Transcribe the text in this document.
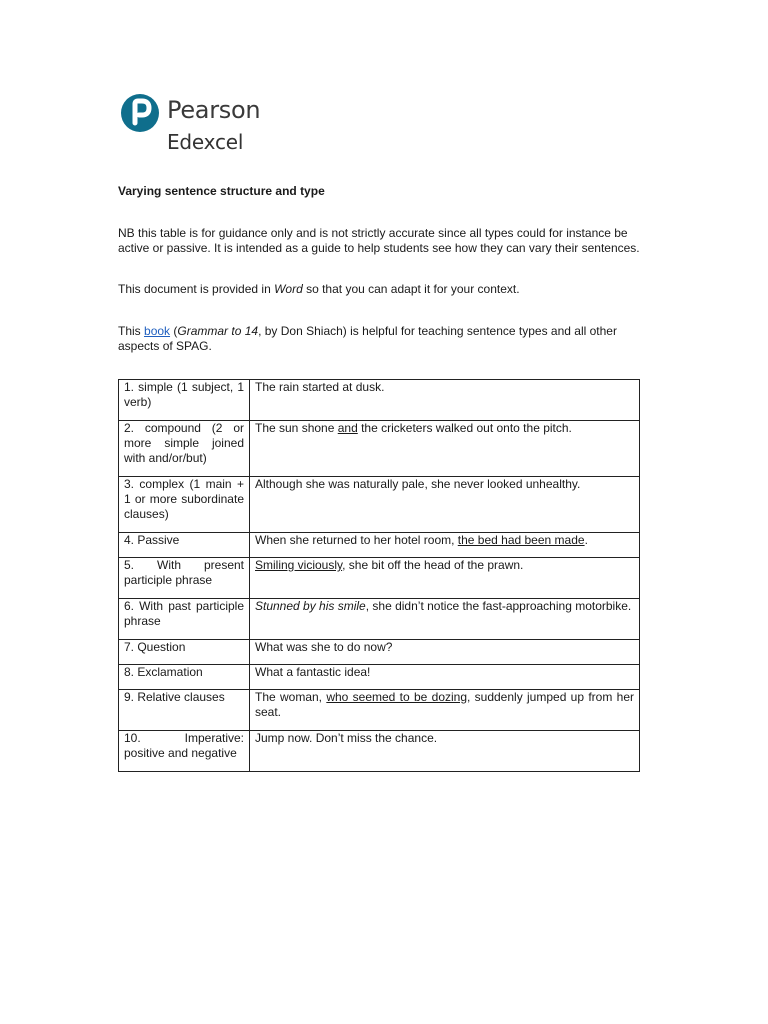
Pearson
Edexcel
Varying sentence structure and type
NB this table is for guidance only and is not strictly accurate since all types could for instance be active or passive. It is intended as a guide to help students see how they can vary their sentences.
This document is provided in Word so that you can adapt it for your context.
This book (Grammar to 14, by Don Shiach) is helpful for teaching sentence types and all other aspects of SPAG.
1. simple (1 subject, 1 verb)	The rain started at dusk.
2. compound (2 or more simple joined with and/or/but)	The sun shone and the cricketers walked out onto the pitch.
3. complex (1 main + 1 or more subordinate clauses)	Although she was naturally pale, she never looked unhealthy.
4. Passive	When she returned to her hotel room, the bed had been made.
5. With present participle phrase	Smiling viciously, she bit off the head of the prawn.
6. With past participle phrase	Stunned by his smile, she didn’t notice the fast-approaching motorbike.
7. Question	What was she to do now?
8. Exclamation	What a fantastic idea!
9. Relative clauses	The woman, who seemed to be dozing, suddenly jumped up from her seat.
10. Imperative: positive and negative	Jump now. Don’t miss the chance.
